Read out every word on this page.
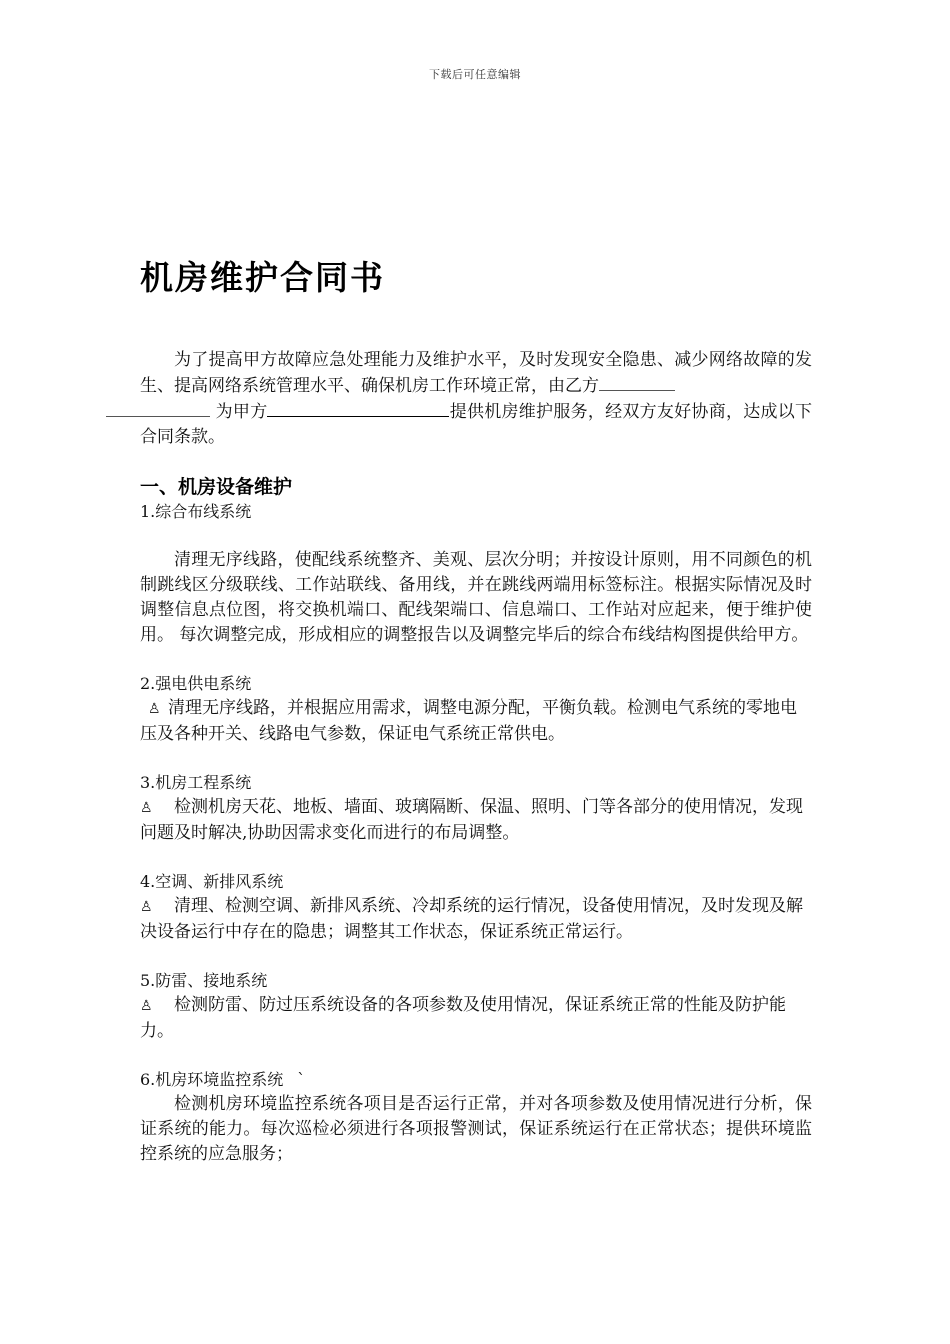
下载后可任意编辑
机房维护合同书

为了提高甲方故障应急处理能力及维护水平，及时发现安全隐患、减少网络故障的发生、提高网络系统管理水平、确保机房工作环境正常，由乙方
为甲方	提供机房维护服务，经双方友好协商，达成以下合同条款。

一、机房设备维护

1.综合布线系统

清理无序线路，使配线系统整齐、美观、层次分明；并按设计原则，用不同颜色的机制跳线区分级联线、工作站联线、备用线，并在跳线两端用标签标注。根据实际情况及时调整信息点位图，将交换机端口、配线架端口、信息端口、工作站对应起来，便于维护使用。 每次调整完成，形成相应的调整报告以及调整完毕后的综合布线结构图提供给甲方。

2.强电供电系统

♙ 清理无序线路，并根据应用需求，调整电源分配，平衡负载。检测电气系统的零地电压及各种开关、线路电气参数，保证电气系统正常供电。

3.机房工程系统

♙ 检测机房天花、地板、墙面、玻璃隔断、保温、照明、门等各部分的使用情况，发现问题及时解决,协助因需求变化而进行的布局调整。

4.空调、新排风系统

♙ 清理、检测空调、新排风系统、冷却系统的运行情况，设备使用情况，及时发现及解决设备运行中存在的隐患；调整其工作状态，保证系统正常运行。

5.防雷、接地系统

♙ 检测防雷、防过压系统设备的各项参数及使用情况，保证系统正常的性能及防护能力。

6.机房环境监控系统 `

检测机房环境监控系统各项目是否运行正常，并对各项参数及使用情况进行分析，保证系统的能力。每次巡检必须进行各项报警测试，保证系统运行在正常状态；提供环境监控系统的应急服务；
